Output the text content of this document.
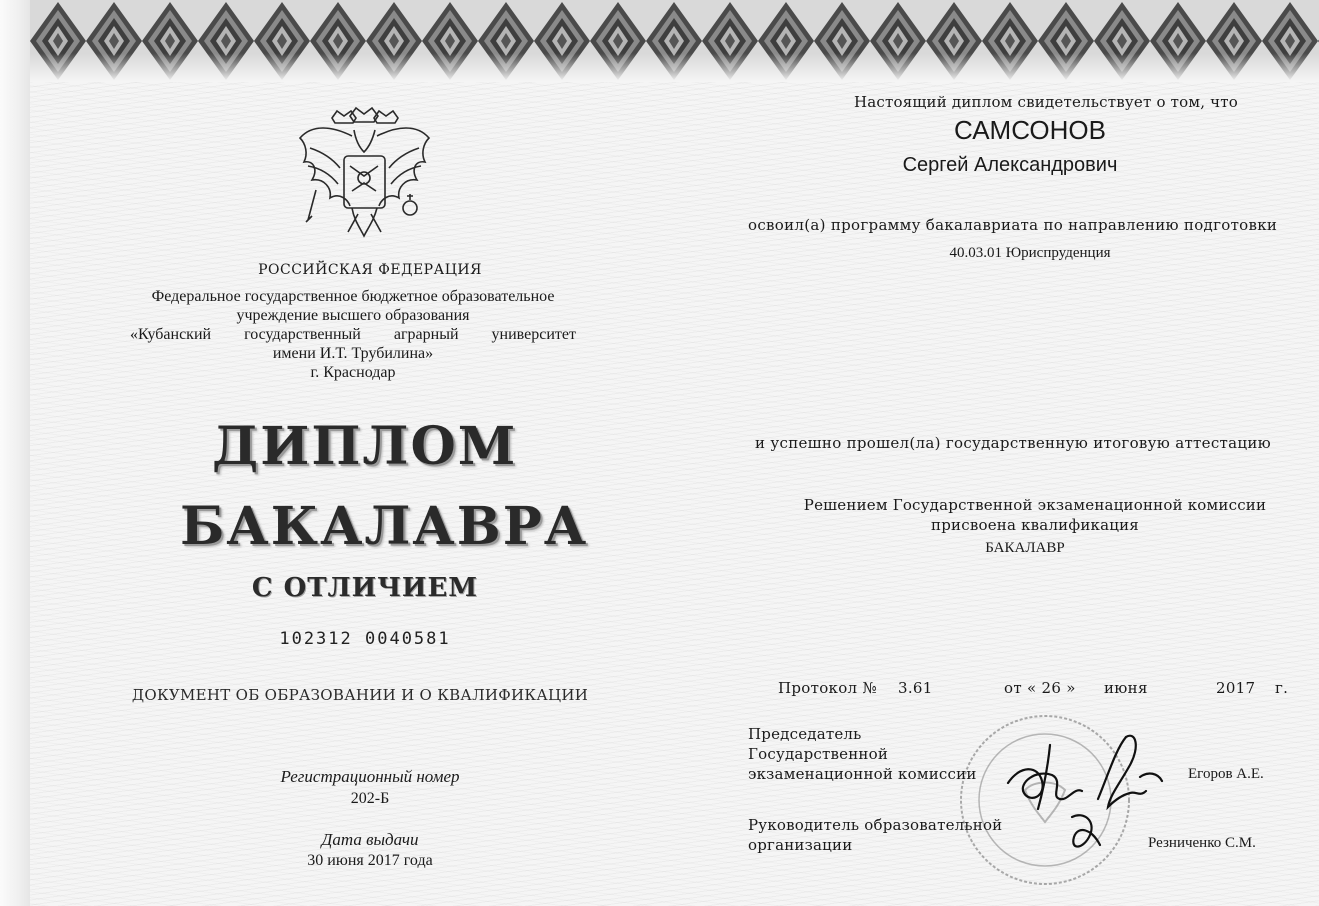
РОССИЙСКАЯ ФЕДЕРАЦИЯ
Федеральное государственное бюджетное образовательное
учреждение высшего образования
«Кубанский государственный аграрный университет
имени И.Т. Трубилина»
г. Краснодар
ДИПЛОМ
БАКАЛАВРА
С ОТЛИЧИЕМ
102312 0040581
ДОКУМЕНТ ОБ ОБРАЗОВАНИИ И О КВАЛИФИКАЦИИ
Регистрационный номер
202-Б
Дата выдачи
30 июня 2017 года
Настоящий диплом свидетельствует о том, что
САМСОНОВ
Сергей Александрович
освоил(а) программу бакалавриата по направлению подготовки
40.03.01 Юриспруденция
и успешно прошел(ла) государственную итоговую аттестацию
Решением Государственной экзаменационной комиссии
присвоена квалификация
БАКАЛАВР
Протокол № 3.61	от « 26 » июня	2017 г.
Председатель
Государственной
экзаменационной комиссии	Егоров А.Е.
Руководитель образовательной
организации	Резниченко С.М.
